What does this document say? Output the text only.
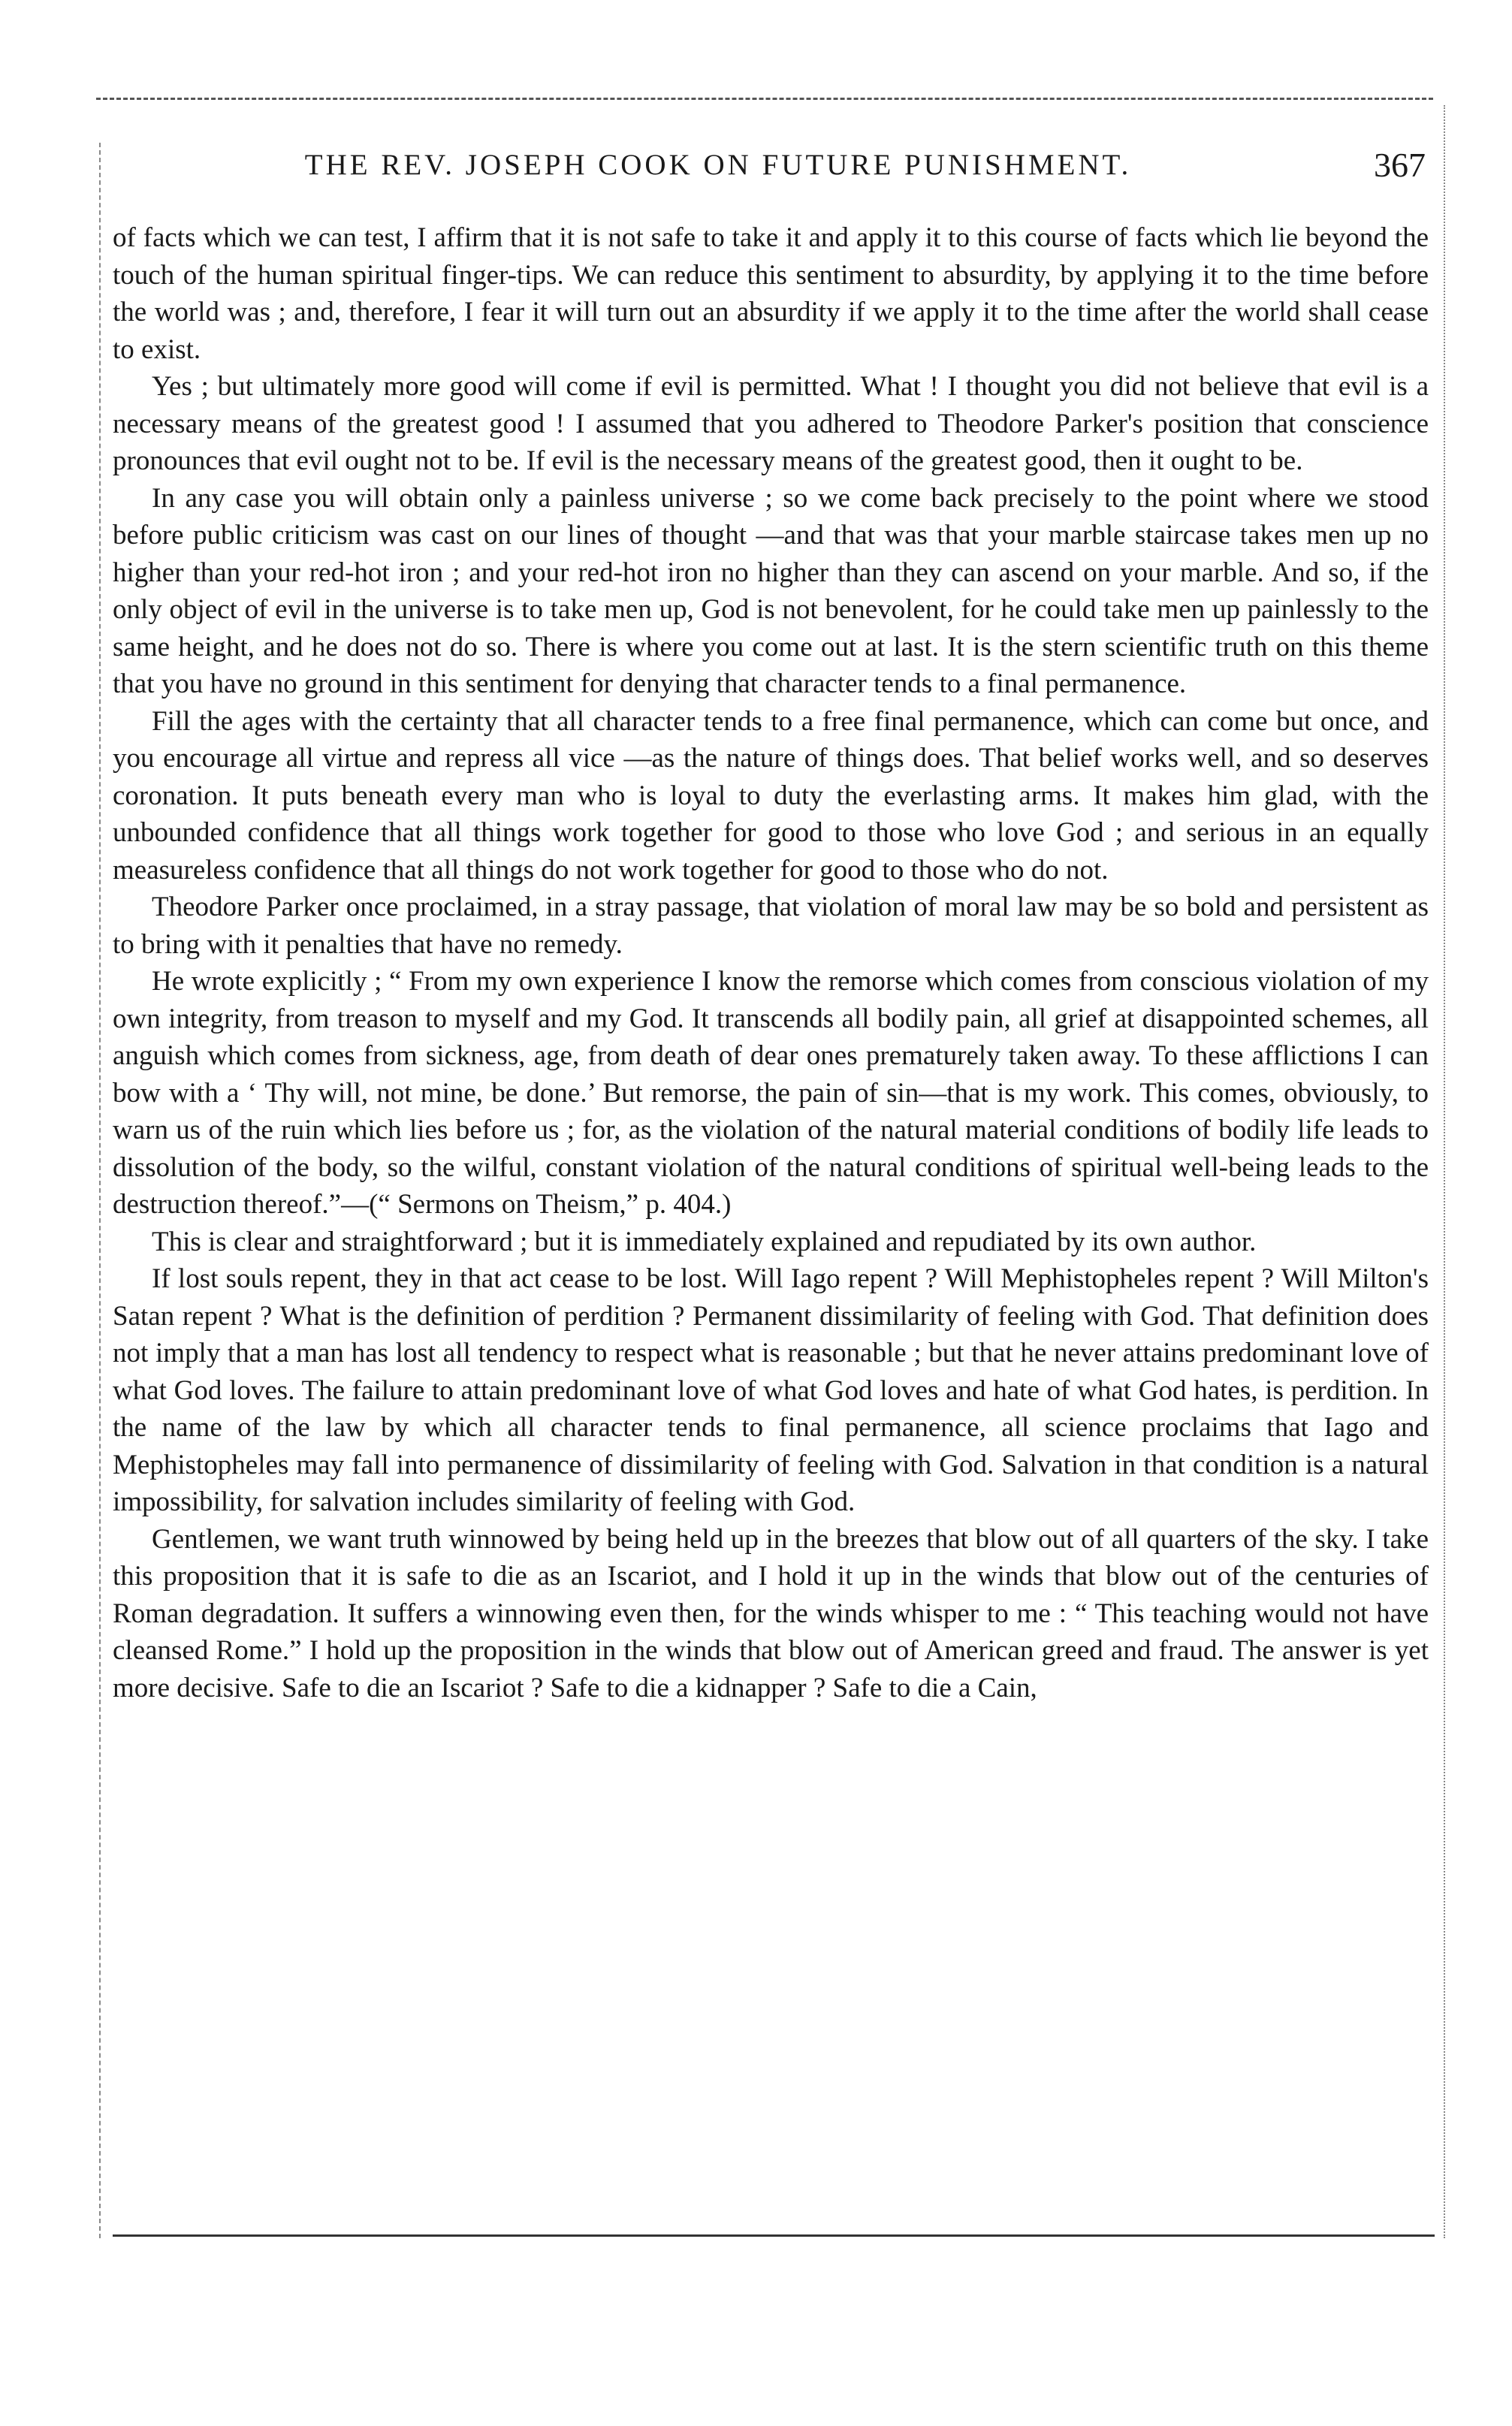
THE REV. JOSEPH COOK ON FUTURE PUNISHMENT.	367

of facts which we can test, I affirm that it is not safe to take it and apply it to this course of facts which lie beyond the touch of the human spiritual finger-tips. We can reduce this sentiment to absurdity, by applying it to the time before the world was ; and, therefore, I fear it will turn out an absurdity if we apply it to the time after the world shall cease to exist.

Yes ; but ultimately more good will come if evil is permitted. What ! I thought you did not believe that evil is a necessary means of the greatest good ! I assumed that you adhered to Theodore Parker's position that conscience pronounces that evil ought not to be. If evil is the necessary means of the greatest good, then it ought to be.

In any case you will obtain only a painless universe ; so we come back precisely to the point where we stood before public criticism was cast on our lines of thought —and that was that your marble staircase takes men up no higher than your red-hot iron ; and your red-hot iron no higher than they can ascend on your marble. And so, if the only object of evil in the universe is to take men up, God is not benevolent, for he could take men up painlessly to the same height, and he does not do so. There is where you come out at last. It is the stern scientific truth on this theme that you have no ground in this sentiment for denying that character tends to a final permanence.

Fill the ages with the certainty that all character tends to a free final permanence, which can come but once, and you encourage all virtue and repress all vice —as the nature of things does. That belief works well, and so deserves coronation. It puts beneath every man who is loyal to duty the everlasting arms. It makes him glad, with the unbounded confidence that all things work together for good to those who love God ; and serious in an equally measureless confidence that all things do not work together for good to those who do not.

Theodore Parker once proclaimed, in a stray passage, that violation of moral law may be so bold and persistent as to bring with it penalties that have no remedy.

He wrote explicitly ; “ From my own experience I know the remorse which comes from conscious violation of my own integrity, from treason to myself and my God. It transcends all bodily pain, all grief at disappointed schemes, all anguish which comes from sickness, age, from death of dear ones prematurely taken away. To these afflictions I can bow with a ‘ Thy will, not mine, be done.’ But remorse, the pain of sin—that is my work. This comes, obviously, to warn us of the ruin which lies before us ; for, as the violation of the natural material conditions of bodily life leads to dissolution of the body, so the wilful, constant violation of the natural conditions of spiritual well-being leads to the destruction thereof.”—(“ Sermons on Theism,” p. 404.)

This is clear and straightforward ; but it is immediately explained and repudiated by its own author.

If lost souls repent, they in that act cease to be lost. Will Iago repent ? Will Mephistopheles repent ? Will Milton's Satan repent ? What is the definition of perdition ? Permanent dissimilarity of feeling with God. That definition does not imply that a man has lost all tendency to respect what is reasonable ; but that he never attains predominant love of what God loves. The failure to attain predominant love of what God loves and hate of what God hates, is perdition. In the name of the law by which all character tends to final permanence, all science proclaims that Iago and Mephistopheles may fall into permanence of dissimilarity of feeling with God. Salvation in that condition is a natural impossibility, for salvation includes similarity of feeling with God.

Gentlemen, we want truth winnowed by being held up in the breezes that blow out of all quarters of the sky. I take this proposition that it is safe to die as an Iscariot, and I hold it up in the winds that blow out of the centuries of Roman degradation. It suffers a winnowing even then, for the winds whisper to me : “ This teaching would not have cleansed Rome.” I hold up the proposition in the winds that blow out of American greed and fraud. The answer is yet more decisive. Safe to die an Iscariot ? Safe to die a kidnapper ? Safe to die a Cain,
